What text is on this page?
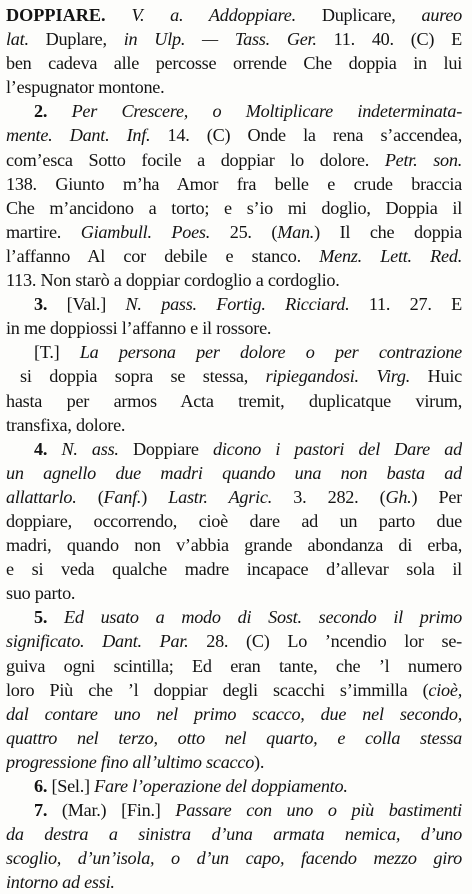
DOPPIARE. V. a. Addoppiare. Duplicare, aureo
lat. Duplare, in Ulp. — Tass. Ger. 11. 40. (C) E
ben cadeva alle percosse orrende Che doppia in lui
l’espugnator montone.
2. Per Crescere, o Moltiplicare indeterminata-
mente. Dant. Inf. 14. (C) Onde la rena s’accendea,
com’esca Sotto focile a doppiar lo dolore. Petr. son.
138. Giunto m’ha Amor fra belle e crude braccia
Che m’ancidono a torto; e s’io mi doglio, Doppia il
martire. Giambull. Poes. 25. (Man.) Il che doppia
l’affanno Al cor debile e stanco. Menz. Lett. Red.
113. Non starò a doppiar cordoglio a cordoglio.
3. [Val.] N. pass. Fortig. Ricciard. 11. 27. E
in me doppiossi l’affanno e il rossore.
[T.] La persona per dolore o per contrazione
si doppia sopra se stessa, ripiegandosi. Virg. Huic
hasta per armos Acta tremit, duplicatque virum,
transfixa, dolore.
4. N. ass. Doppiare dicono i pastori del Dare ad
un agnello due madri quando una non basta ad
allattarlo. (Fanf.) Lastr. Agric. 3. 282. (Gh.) Per
doppiare, occorrendo, cioè dare ad un parto due
madri, quando non v’abbia grande abondanza di erba,
e si veda qualche madre incapace d’allevar sola il
suo parto.
5. Ed usato a modo di Sost. secondo il primo
significato. Dant. Par. 28. (C) Lo ’ncendio lor se-
guiva ogni scintilla; Ed eran tante, che ’l numero
loro Più che ’l doppiar degli scacchi s’immilla (cioè,
dal contare uno nel primo scacco, due nel secondo,
quattro nel terzo, otto nel quarto, e colla stessa
progressione fino all’ultimo scacco).
6. [Sel.] Fare l’operazione del doppiamento.
7. (Mar.) [Fin.] Passare con uno o più bastimenti
da destra a sinistra d’una armata nemica, d’uno
scoglio, d’un’isola, o d’un capo, facendo mezzo giro
intorno ad essi.
